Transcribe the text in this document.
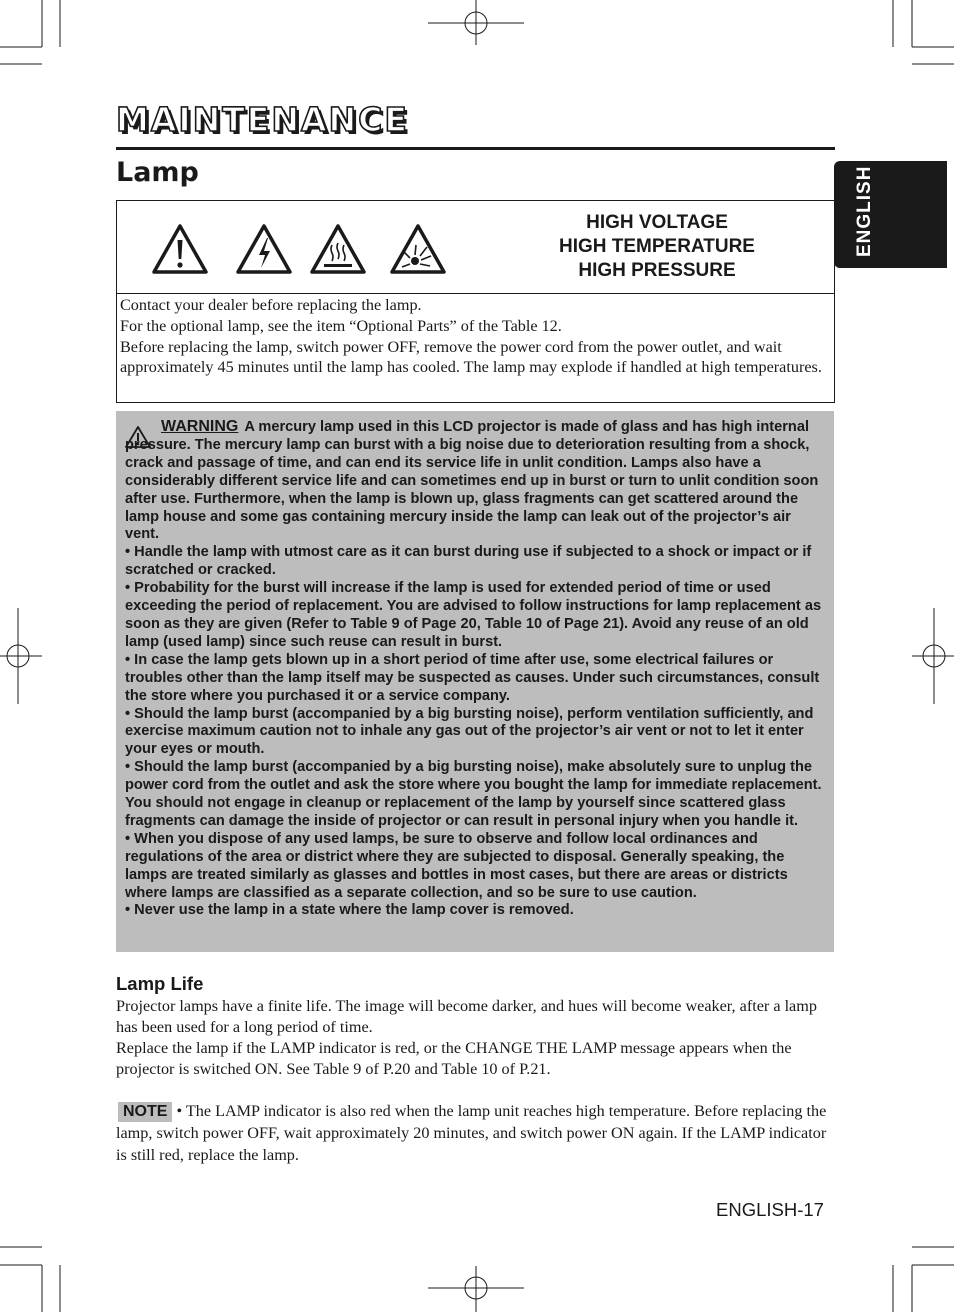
MAINTENANCE
Lamp	ENGLISH
HIGH VOLTAGE
HIGH TEMPERATURE
HIGH PRESSURE
Contact your dealer before replacing the lamp.
For the optional lamp, see the item “Optional Parts” of the Table 12.
Before replacing the lamp, switch power OFF, remove the power cord from the power outlet, and wait approximately 45 minutes until the lamp has cooled. The lamp may explode if handled at high temperatures.

WARNING A mercury lamp used in this LCD projector is made of glass and has high internal pressure. The mercury lamp can burst with a big noise due to deterioration resulting from a shock, crack and passage of time, and can end its service life in unlit condition. Lamps also have a considerably different service life and can sometimes end up in burst or turn to unlit condition soon after use. Furthermore, when the lamp is blown up, glass fragments can get scattered around the lamp house and some gas containing mercury inside the lamp can leak out of the projector’s air vent.

• Handle the lamp with utmost care as it can burst during use if subjected to a shock or impact or if scratched or cracked.

• Probability for the burst will increase if the lamp is used for extended period of time or used exceeding the period of replacement. You are advised to follow instructions for lamp replacement as soon as they are given (Refer to Table 9 of Page 20, Table 10 of Page 21). Avoid any reuse of an old lamp (used lamp) since such reuse can result in burst.

• In case the lamp gets blown up in a short period of time after use, some electrical failures or troubles other than the lamp itself may be suspected as causes. Under such circumstances, consult the store where you purchased it or a service company.

• Should the lamp burst (accompanied by a big bursting noise), perform ventilation sufficiently, and exercise maximum caution not to inhale any gas out of the projector’s air vent or not to let it enter your eyes or mouth.

• Should the lamp burst (accompanied by a big bursting noise), make absolutely sure to unplug the power cord from the outlet and ask the store where you bought the lamp for immediate replacement. You should not engage in cleanup or replacement of the lamp by yourself since scattered glass fragments can damage the inside of projector or can result in personal injury when you handle it.

• When you dispose of any used lamps, be sure to observe and follow local ordinances and regulations of the area or district where they are subjected to disposal. Generally speaking, the lamps are treated similarly as glasses and bottles in most cases, but there are areas or districts where lamps are classified as a separate collection, and so be sure to use caution.

• Never use the lamp in a state where the lamp cover is removed.

Lamp Life

Projector lamps have a finite life. The image will become darker, and hues will become weaker, after a lamp has been used for a long period of time.

Replace the lamp if the LAMP indicator is red, or the CHANGE THE LAMP message appears when the projector is switched ON. See Table 9 of P.20 and Table 10 of P.21.

NOTE • The LAMP indicator is also red when the lamp unit reaches high temperature. Before replacing the lamp, switch power OFF, wait approximately 20 minutes, and switch power ON again. If the LAMP indicator is still red, replace the lamp.
ENGLISH-17
